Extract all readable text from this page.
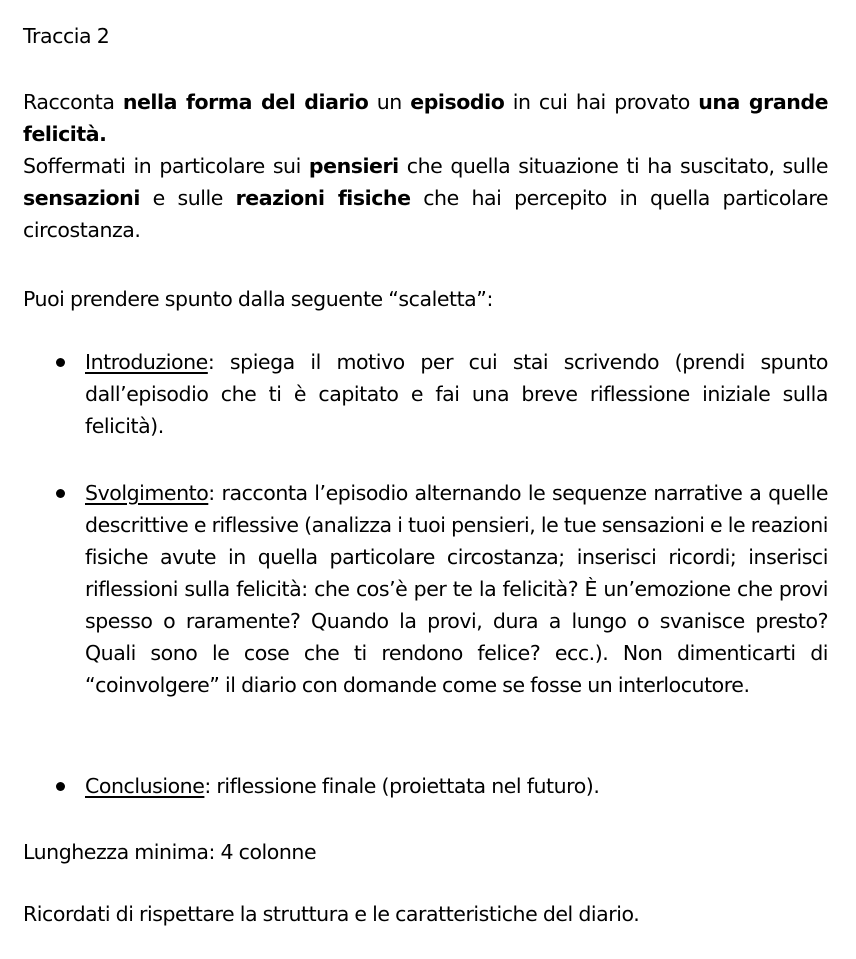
Traccia 2

Racconta nella forma del diario un episodio in cui hai provato una grande felicità.

Soffermati in particolare sui pensieri che quella situazione ti ha suscitato, sulle sensazioni e sulle reazioni fisiche che hai percepito in quella particolare circostanza.

Puoi prendere spunto dalla seguente “scaletta”:

Introduzione: spiega il motivo per cui stai scrivendo (prendi spunto dall’episodio che ti è capitato e fai una breve riflessione iniziale sulla felicità).

Svolgimento: racconta l’episodio alternando le sequenze narrative a quelle descrittive e riflessive (analizza i tuoi pensieri, le tue sensazioni e le reazioni fisiche avute in quella particolare circostanza; inserisci ricordi; inserisci riflessioni sulla felicità: che cos’è per te la felicità? È un’emozione che provi spesso o raramente? Quando la provi, dura a lungo o svanisce presto? Quali sono le cose che ti rendono felice? ecc.). Non dimenticarti di “coinvolgere” il diario con domande come se fosse un interlocutore.

Conclusione: riflessione finale (proiettata nel futuro).

Lunghezza minima: 4 colonne

Ricordati di rispettare la struttura e le caratteristiche del diario.
